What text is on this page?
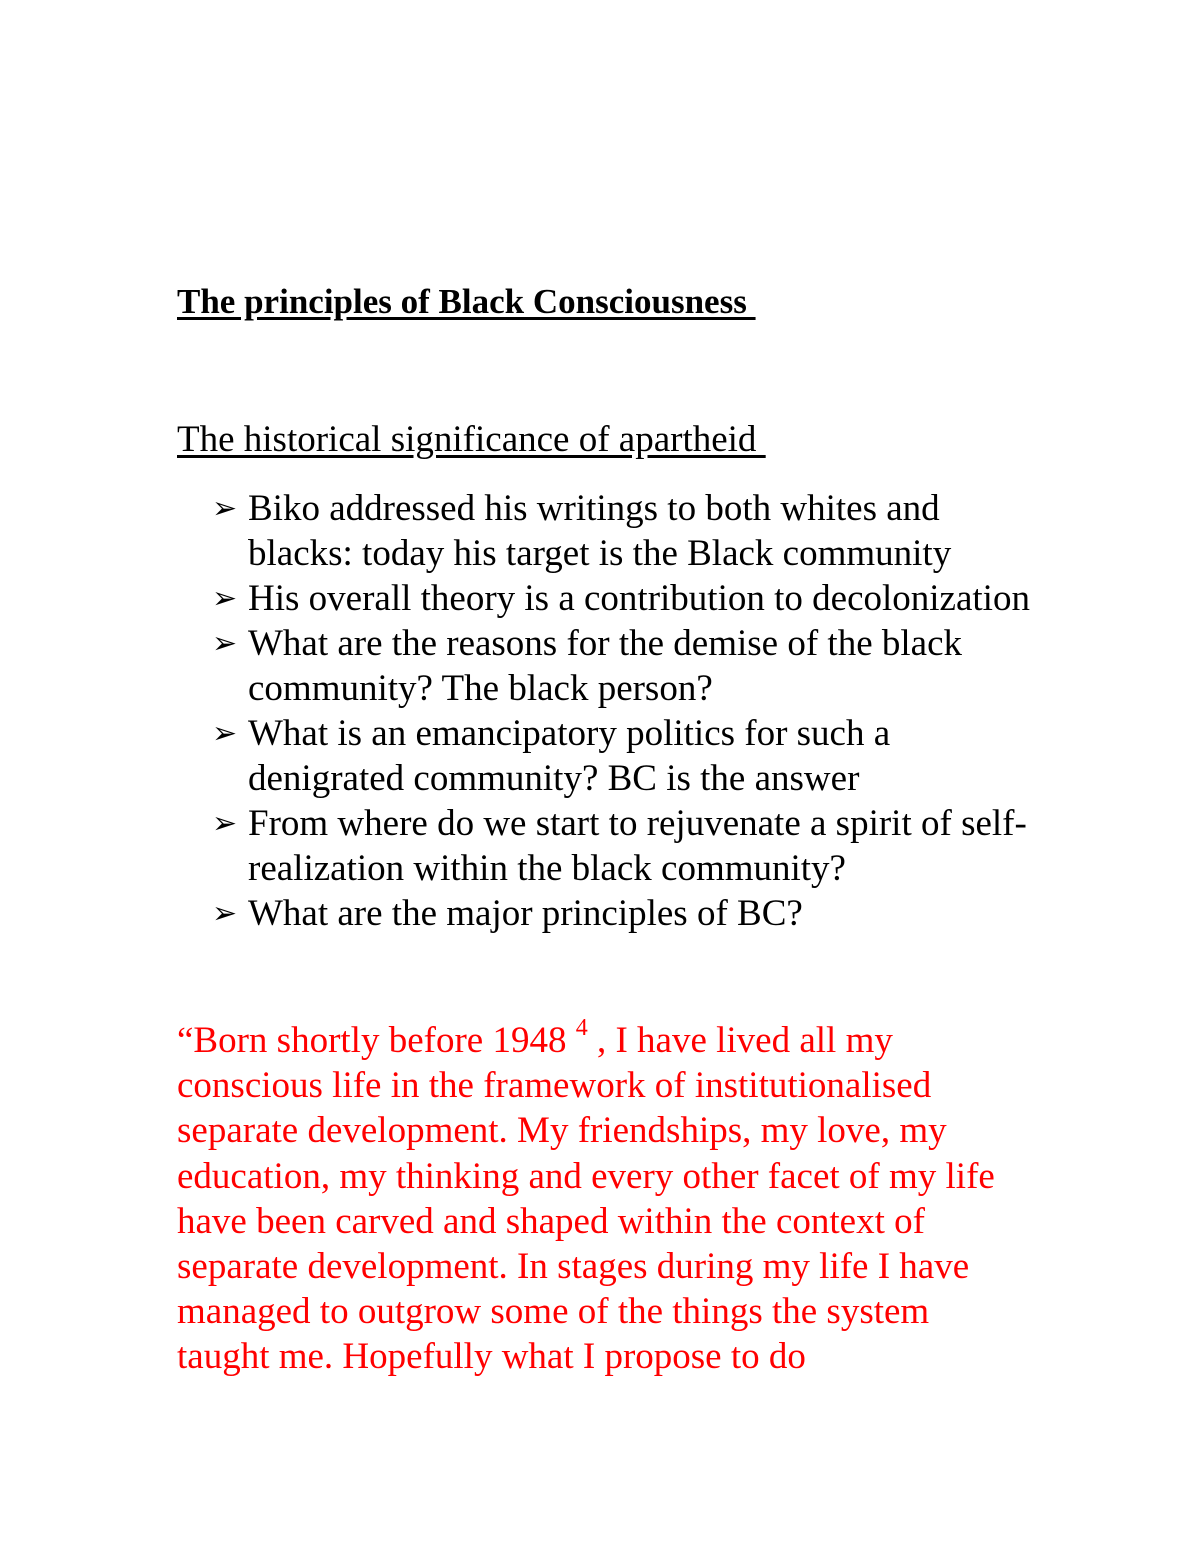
The principles of Black Consciousness
The historical significance of apartheid
➢ Biko addressed his writings to both whites and blacks: today his target is the Black community
➢ His overall theory is a contribution to decolonization
➢ What are the reasons for the demise of the black community? The black person?
➢ What is an emancipatory politics for such a denigrated community? BC is the answer
➢ From where do we start to rejuvenate a spirit of self-realization within the black community?
➢ What are the major principles of BC?

“Born shortly before 1948 $^4$ , I have lived all my conscious life in the framework of institutionalised separate development. My friendships, my love, my education, my thinking and every other facet of my life have been carved and shaped within the context of separate development. In stages during my life I have managed to outgrow some of the things the system taught me. Hopefully what I propose to do
